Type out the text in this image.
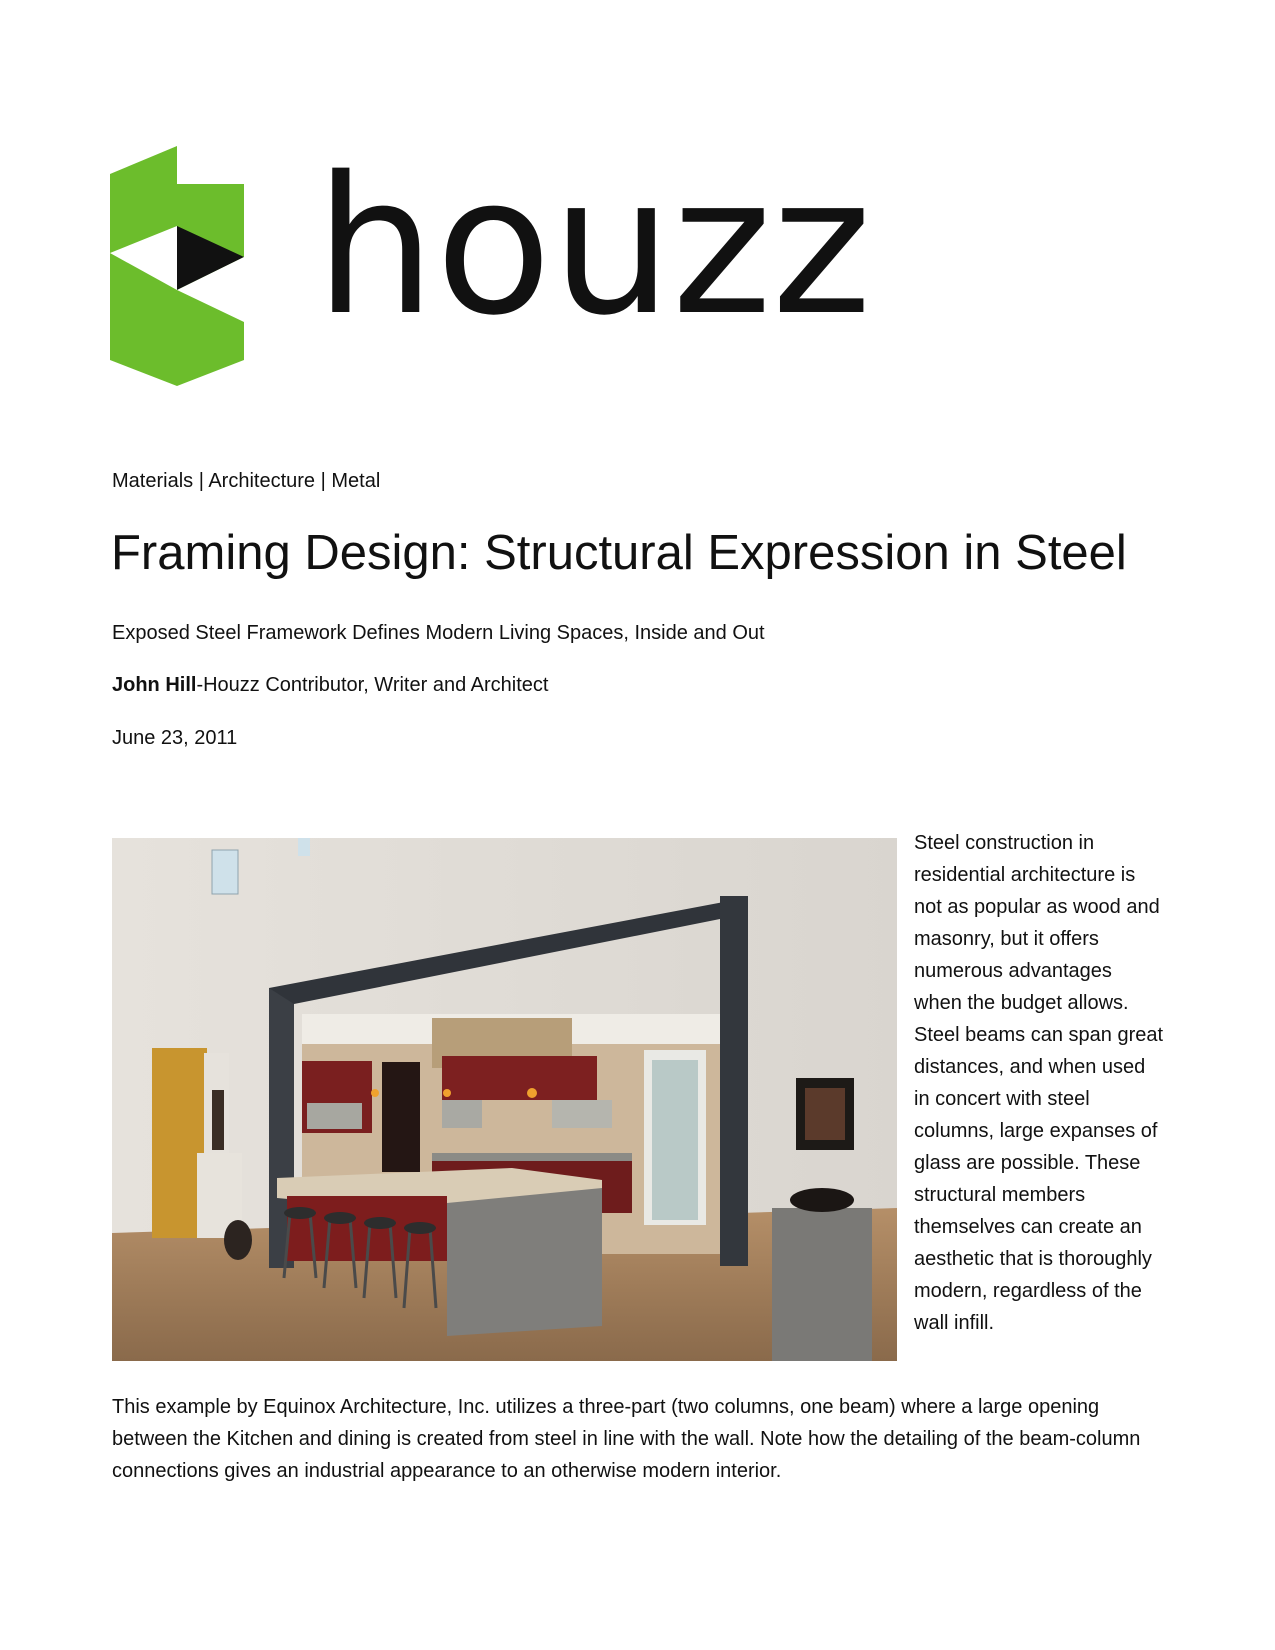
houzz
Materials | Architecture | Metal
Framing Design: Structural Expression in Steel
Exposed Steel Framework Defines Modern Living Spaces, Inside and Out
John Hill-Houzz Contributor, Writer and Architect
June 23, 2011

Steel construction in residential architecture is not as popular as wood and masonry, but it offers numerous advantages when the budget allows. Steel beams can span great distances, and when used in concert with steel columns, large expanses of glass are possible. These structural members themselves can create an aesthetic that is thoroughly modern, regardless of the wall infill.

This example by Equinox Architecture, Inc. utilizes a three-part (two columns, one beam) where a large opening between the Kitchen and dining is created from steel in line with the wall. Note how the detailing of the beam-column connections gives an industrial appearance to an otherwise modern interior.
